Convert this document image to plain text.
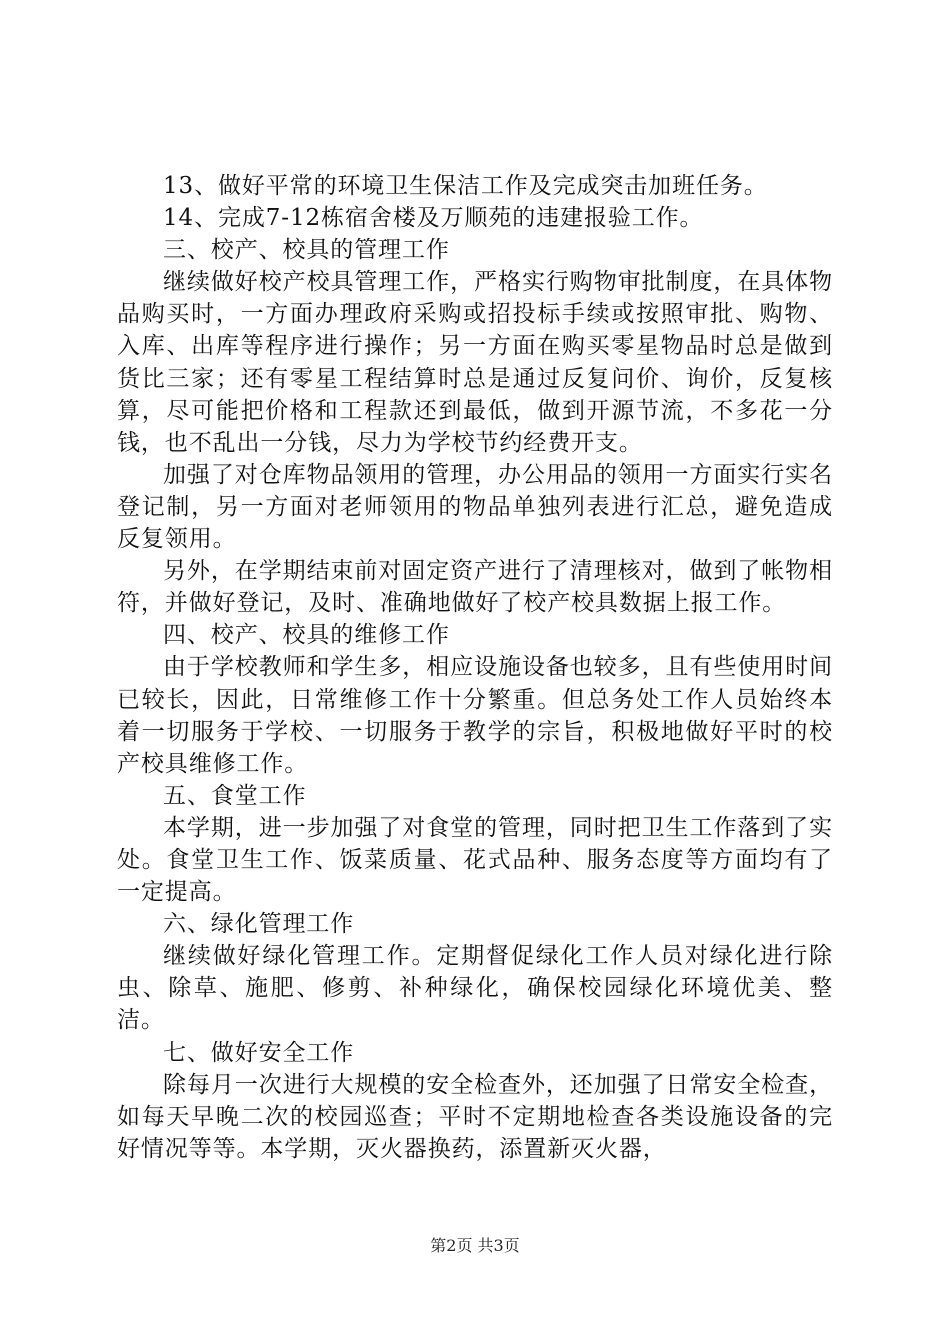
13、做好平常的环境卫生保洁工作及完成突击加班任务。

14、完成7-12栋宿舍楼及万顺苑的违建报验工作。

三、校产、校具的管理工作

继续做好校产校具管理工作，严格实行购物审批制度，在具体物品购买时，一方面办理政府采购或招投标手续或按照审批、购物、入库、出库等程序进行操作；另一方面在购买零星物品时总是做到货比三家；还有零星工程结算时总是通过反复问价、询价，反复核算，尽可能把价格和工程款还到最低，做到开源节流，不多花一分钱，也不乱出一分钱，尽力为学校节约经费开支。

加强了对仓库物品领用的管理，办公用品的领用一方面实行实名登记制，另一方面对老师领用的物品单独列表进行汇总，避免造成反复领用。

另外，在学期结束前对固定资产进行了清理核对，做到了帐物相符，并做好登记，及时、准确地做好了校产校具数据上报工作。

四、校产、校具的维修工作

由于学校教师和学生多，相应设施设备也较多，且有些使用时间已较长，因此，日常维修工作十分繁重。但总务处工作人员始终本着一切服务于学校、一切服务于教学的宗旨，积极地做好平时的校产校具维修工作。

五、食堂工作

本学期，进一步加强了对食堂的管理，同时把卫生工作落到了实处。食堂卫生工作、饭菜质量、花式品种、服务态度等方面均有了一定提高。

六、绿化管理工作

继续做好绿化管理工作。定期督促绿化工作人员对绿化进行除虫、除草、施肥、修剪、补种绿化，确保校园绿化环境优美、整洁。

七、做好安全工作

除每月一次进行大规模的安全检查外，还加强了日常安全检查，如每天早晚二次的校园巡查；平时不定期地检查各类设施设备的完好情况等等。本学期，灭火器换药，添置新灭火器，

第2页 共3页
